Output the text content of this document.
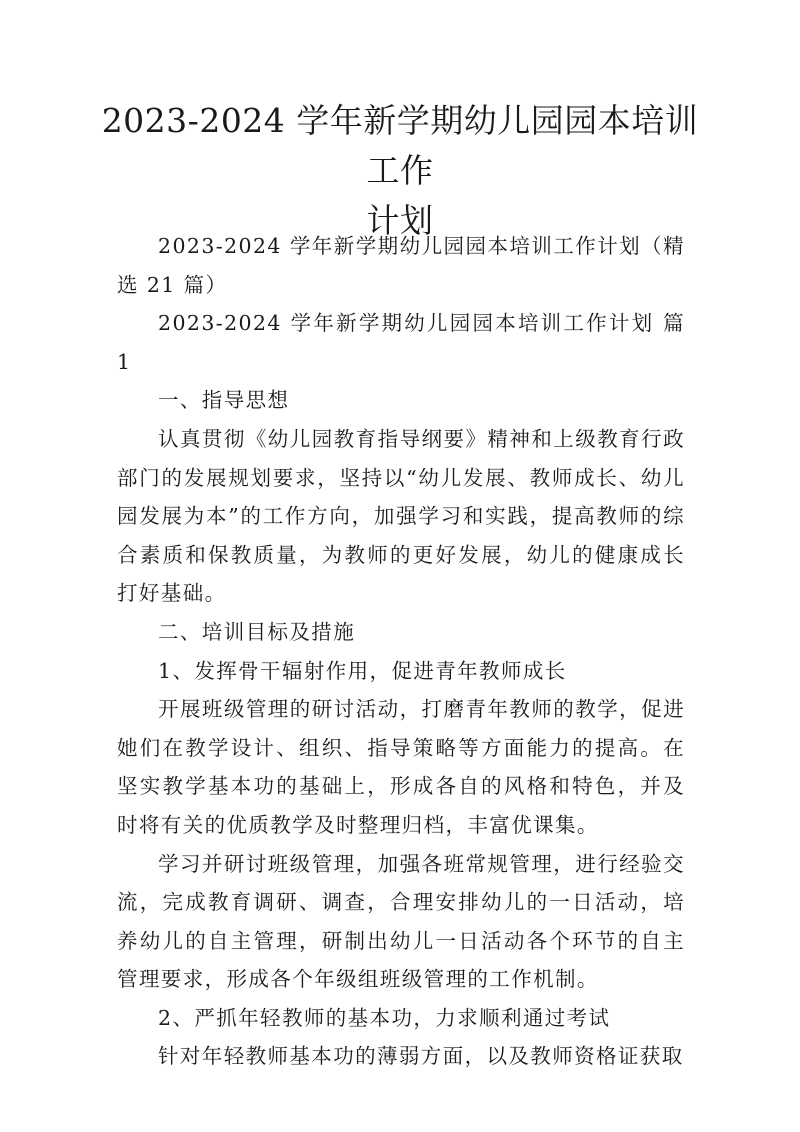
2023-2024 学年新学期幼儿园园本培训工作
计划

2023-2024 学年新学期幼儿园园本培训工作计划（精选 21 篇）

2023-2024 学年新学期幼儿园园本培训工作计划 篇 1

一、指导思想

认真贯彻《幼儿园教育指导纲要》精神和上级教育行政部门的发展规划要求，坚持以“幼儿发展、教师成长、幼儿园发展为本”的工作方向，加强学习和实践，提高教师的综合素质和保教质量，为教师的更好发展，幼儿的健康成长打好基础。

二、培训目标及措施

1、发挥骨干辐射作用，促进青年教师成长

开展班级管理的研讨活动，打磨青年教师的教学，促进她们在教学设计、组织、指导策略等方面能力的提高。在坚实教学基本功的基础上，形成各自的风格和特色，并及时将有关的优质教学及时整理归档，丰富优课集。

学习并研讨班级管理，加强各班常规管理，进行经验交流，完成教育调研、调查，合理安排幼儿的一日活动，培养幼儿的自主管理，研制出幼儿一日活动各个环节的自主管理要求，形成各个年级组班级管理的工作机制。

2、严抓年轻教师的基本功，力求顺利通过考试

针对年轻教师基本功的薄弱方面，以及教师资格证获取
